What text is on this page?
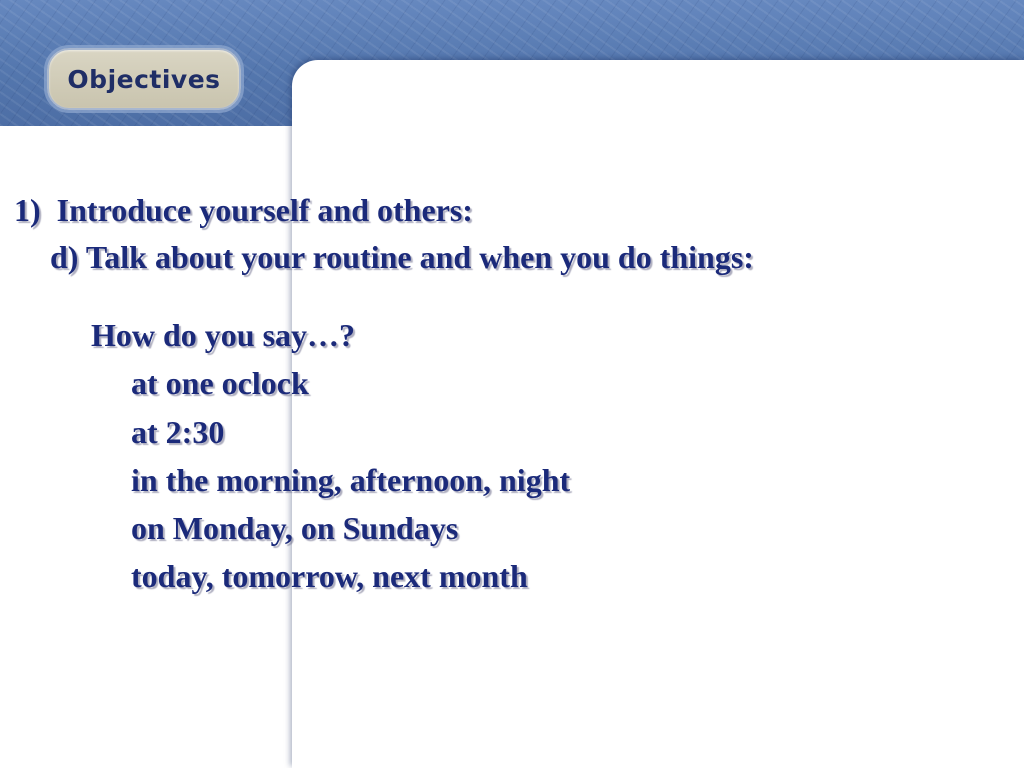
Objectives
1)  Introduce yourself and others:
d) Talk about your routine and when you do things:
How do you say…?
at one oclock
at 2:30
in the morning, afternoon, night
on Monday, on Sundays
today, tomorrow, next month
